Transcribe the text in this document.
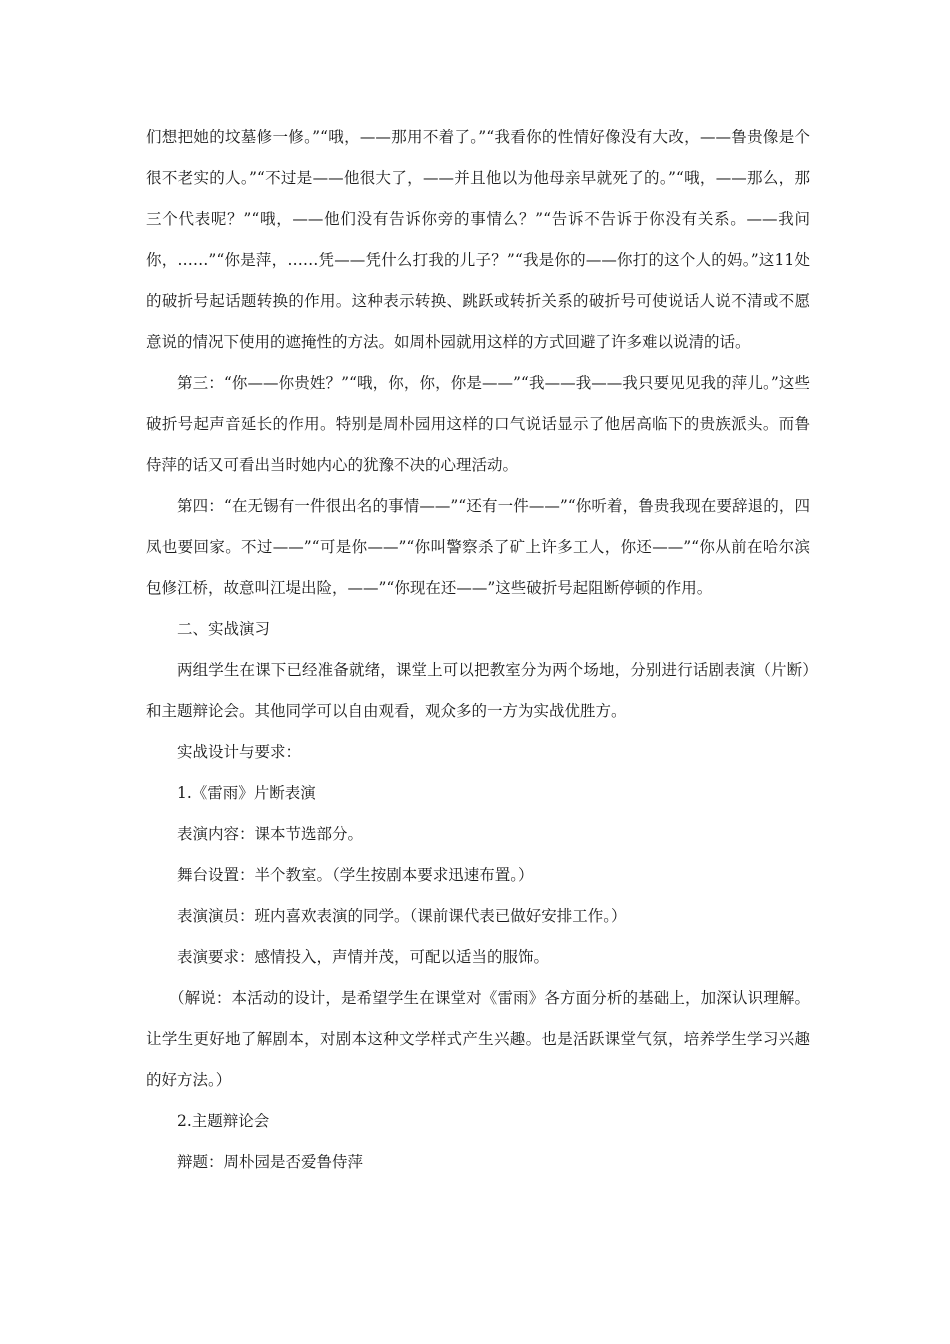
们想把她的坟墓修一修。”“哦，——那用不着了。”“我看你的性情好像没有大改，——鲁贵像是个很不老实的人。”“不过是——他很大了，——并且他以为他母亲早就死了的。”“哦，——那么，那三个代表呢？”“哦，——他们没有告诉你旁的事情么？”“告诉不告诉于你没有关系。——我问你，……”“你是萍，……凭——凭什么打我的儿子？”“我是你的——你打的这个人的妈。”这11处的破折号起话题转换的作用。这种表示转换、跳跃或转折关系的破折号可使说话人说不清或不愿意说的情况下使用的遮掩性的方法。如周朴园就用这样的方式回避了许多难以说清的话。

第三：“你——你贵姓？”“哦，你，你，你是——”“我——我——我只要见见我的萍儿。”这些破折号起声音延长的作用。特别是周朴园用这样的口气说话显示了他居高临下的贵族派头。而鲁侍萍的话又可看出当时她内心的犹豫不决的心理活动。

第四：“在无锡有一件很出名的事情——”“还有一件——”“你听着，鲁贵我现在要辞退的，四凤也要回家。不过——”“可是你——”“你叫警察杀了矿上许多工人，你还——”“你从前在哈尔滨包修江桥，故意叫江堤出险，——”“你现在还——”这些破折号起阻断停顿的作用。

二、实战演习

两组学生在课下已经准备就绪，课堂上可以把教室分为两个场地，分别进行话剧表演（片断）和主题辩论会。其他同学可以自由观看，观众多的一方为实战优胜方。

实战设计与要求：

1.《雷雨》片断表演

表演内容：课本节选部分。

舞台设置：半个教室。（学生按剧本要求迅速布置。）

表演演员：班内喜欢表演的同学。（课前课代表已做好安排工作。）

表演要求：感情投入，声情并茂，可配以适当的服饰。

（解说：本活动的设计，是希望学生在课堂对《雷雨》各方面分析的基础上，加深认识理解。让学生更好地了解剧本，对剧本这种文学样式产生兴趣。也是活跃课堂气氛，培养学生学习兴趣的好方法。）

2.主题辩论会

辩题：周朴园是否爱鲁侍萍
